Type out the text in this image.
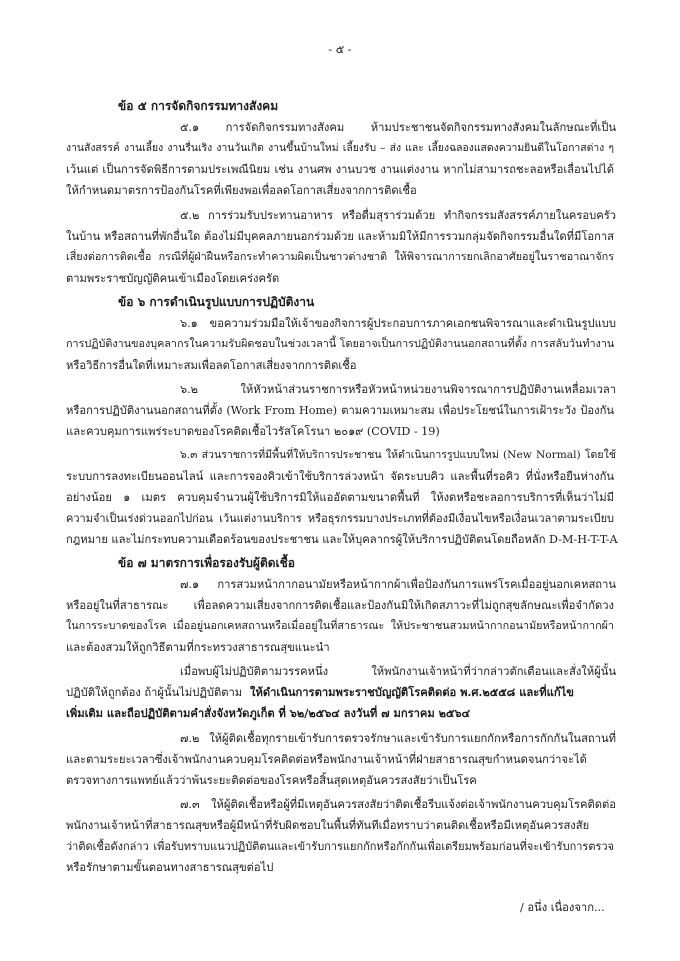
- ๕ -
ข้อ ๕ การจัดกิจกรรมทางสังคม
๕.๑ การจัดกิจกรรมทางสังคม ห้ามประชาชนจัดกิจกรรมทางสังคมในลักษณะที่เป็น
งานสังสรรค์ งานเลี้ยง งานรื่นเริง งานวันเกิด งานขึ้นบ้านใหม่ เลี้ยงรับ – ส่ง และ เลี้ยงฉลองแสดงความยินดีในโอกาสต่าง ๆ
เว้นแต่ เป็นการจัดพิธีการตามประเพณีนิยม เช่น งานศพ งานบวช งานแต่งงาน หากไม่สามารถชะลอหรือเลื่อนไปได้
ให้กำหนดมาตรการป้องกันโรคที่เพียงพอเพื่อลดโอกาสเสี่ยงจากการติดเชื้อ
๕.๒ การร่วมรับประทานอาหาร หรือดื่มสุราร่วมด้วย ทำกิจกรรมสังสรรค์ภายในครอบครัว
ในบ้าน หรือสถานที่พักอื่นใด ต้องไม่มีบุคคลภายนอกร่วมด้วย และห้ามมิให้มีการรวมกลุ่มจัดกิจกรรมอื่นใดที่มีโอกาส
เสี่ยงต่อการติดเชื้อ กรณีที่ผู้ฝ่าฝืนหรือกระทำความผิดเป็นชาวต่างชาติ ให้พิจารณาการยกเลิกอาศัยอยู่ในราชอาณาจักร
ตามพระราชบัญญัติคนเข้าเมืองโดยเคร่งครัด
ข้อ ๖ การดำเนินรูปแบบการปฏิบัติงาน
๖.๑ ขอความร่วมมือให้เจ้าของกิจการผู้ประกอบการภาคเอกชนพิจารณาและดำเนินรูปแบบ
การปฏิบัติงานของบุคลากรในความรับผิดชอบในช่วงเวลานี้ โดยอาจเป็นการปฏิบัติงานนอกสถานที่ตั้ง การสลับวันทำงาน
หรือวิธีการอื่นใดที่เหมาะสมเพื่อลดโอกาสเสี่ยงจากการติดเชื้อ
๖.๒ ให้หัวหน้าส่วนราชการหรือหัวหน้าหน่วยงานพิจารณาการปฏิบัติงานเหลื่อมเวลา
หรือการปฏิบัติงานนอกสถานที่ตั้ง (Work From Home) ตามความเหมาะสม เพื่อประโยชน์ในการเฝ้าระวัง ป้องกัน
และควบคุมการแพร่ระบาดของโรคติดเชื้อไวรัสโคโรนา ๒๐๑๙ (COVID - 19)
๖.๓ ส่วนราชการที่มีพื้นที่ให้บริการประชาชน ให้ดำเนินการรูปแบบใหม่ (New Normal) โดยใช้
ระบบการลงทะเบียนออนไลน์ และการจองคิวเข้าใช้บริการล่วงหน้า จัดระบบคิว และพื้นที่รอคิว ที่นั่งหรือยืนห่างกัน
อย่างน้อย ๑ เมตร ควบคุมจำนวนผู้ใช้บริการมิให้แออัดตามขนาดพื้นที่ ให้งดหรือชะลอการบริการที่เห็นว่าไม่มี
ความจำเป็นเร่งด่วนออกไปก่อน เว้นแต่งานบริการ หรือธุรกรรมบางประเภทที่ต้องมีเงื่อนไขหรือเงื่อนเวลาตามระเบียบ
กฎหมาย และไม่กระทบความเดือดร้อนของประชาชน และให้บุคลากรผู้ให้บริการปฏิบัติตนโดยถือหลัก D-M-H-T-T-A
ข้อ ๗ มาตรการเพื่อรองรับผู้ติดเชื้อ
๗.๑ การสวมหน้ากากอนามัยหรือหน้ากากผ้าเพื่อป้องกันการแพร่โรคเมื่ออยู่นอกเคหสถาน
หรืออยู่ในที่สาธารณะ เพื่อลดความเสี่ยงจากการติดเชื้อและป้องกันมิให้เกิดสภาวะที่ไม่ถูกสุขลักษณะเพื่อจำกัดวง
ในการระบาดของโรค เมื่ออยู่นอกเคหสถานหรือเมื่ออยู่ในที่สาธารณะ ให้ประชาชนสวมหน้ากากอนามัยหรือหน้ากากผ้า
และต้องสวมให้ถูกวิธีตามที่กระทรวงสาธารณสุขแนะนำ
เมื่อพบผู้ไม่ปฏิบัติตามวรรคหนึ่ง ให้พนักงานเจ้าหน้าที่ว่ากล่าวตักเตือนและสั่งให้ผู้นั้น
ปฏิบัติให้ถูกต้อง ถ้าผู้นั้นไม่ปฏิบัติตาม ให้ดำเนินการตามพระราชบัญญัติโรคติดต่อ พ.ศ.๒๕๕๘ และที่แก้ไข
เพิ่มเติม และถือปฏิบัติตามคำสั่งจังหวัดภูเก็ต ที่ ๖๒/๒๕๖๔ ลงวันที่ ๗ มกราคม ๒๕๖๔
๗.๒ ให้ผู้ติดเชื้อทุกรายเข้ารับการตรวจรักษาและเข้ารับการแยกกักหรือการกักกันในสถานที่
และตามระยะเวลาซึ่งเจ้าพนักงานควบคุมโรคติดต่อหรือพนักงานเจ้าหน้าที่ฝ่ายสาธารณสุขกำหนดจนกว่าจะได้
ตรวจทางการแพทย์แล้วว่าพ้นระยะติดต่อของโรคหรือสิ้นสุดเหตุอันควรสงสัยว่าเป็นโรค
๗.๓ ให้ผู้ติดเชื้อหรือผู้ที่มีเหตุอันควรสงสัยว่าติดเชื้อรีบแจ้งต่อเจ้าพนักงานควบคุมโรคติดต่อ
พนักงานเจ้าหน้าที่สาธารณสุขหรือผู้มีหน้าที่รับผิดชอบในพื้นที่ทันทีเมื่อทราบว่าตนติดเชื้อหรือมีเหตุอันควรสงสัย
ว่าติดเชื้อดังกล่าว เพื่อรับทราบแนวปฏิบัติตนและเข้ารับการแยกกักหรือกักกันเพื่อเตรียมพร้อมก่อนที่จะเข้ารับการตรวจ
หรือรักษาตามขั้นตอนทางสาธารณสุขต่อไป
/ อนึ่ง เนื่องจาก...
